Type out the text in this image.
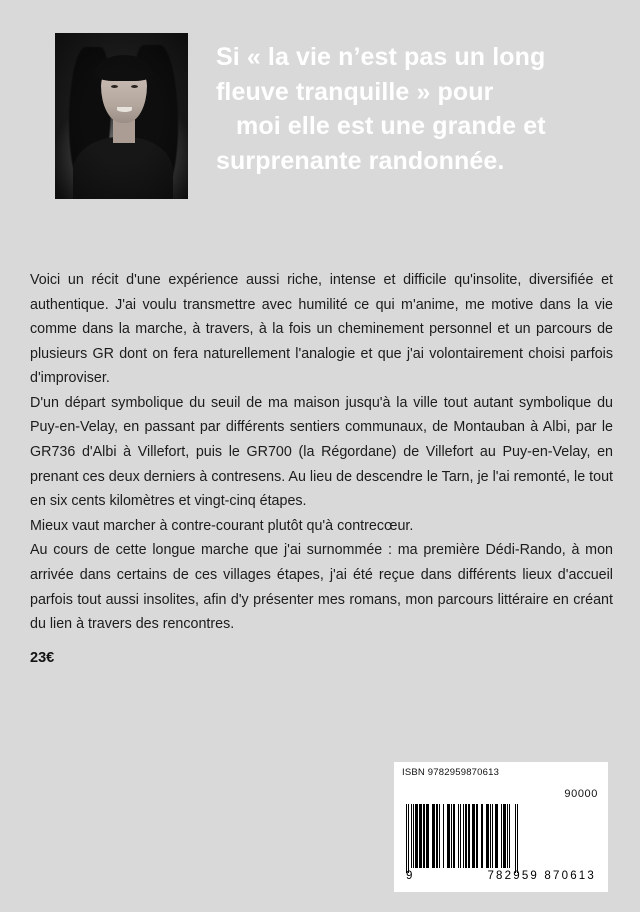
Si « la vie n’est pas un long
fleuve tranquille » pour
moi elle est une grande et
surprenante randonnée.

Voici un récit d'une expérience aussi riche, intense et difficile qu'insolite, diversifiée et authentique. J'ai voulu transmettre avec humilité ce qui m'anime, me motive dans la vie comme dans la marche, à travers, à la fois un cheminement personnel et un parcours de plusieurs GR dont on fera naturellement l'analogie et que j'ai volontairement choisi parfois d'improviser.

D'un départ symbolique du seuil de ma maison jusqu'à la ville tout autant symbolique du Puy-en-Velay, en passant par différents sentiers communaux, de Montauban à Albi, par le GR736 d'Albi à Villefort, puis le GR700 (la Régordane) de Villefort au Puy-en-Velay, en prenant ces deux derniers à contresens. Au lieu de descendre le Tarn, je l'ai remonté, le tout en six cents kilomètres et vingt-cinq étapes.

Mieux vaut marcher à contre-courant plutôt qu'à contrecœur.

Au cours de cette longue marche que j'ai surnommée : ma première Dédi-Rando, à mon arrivée dans certains de ces villages étapes, j'ai été reçue dans différents lieux d'accueil parfois tout aussi insolites, afin d'y présenter mes romans, mon parcours littéraire en créant du lien à travers des rencontres.

23€
ISBN 9782959870613
90000
9	782959 870613
